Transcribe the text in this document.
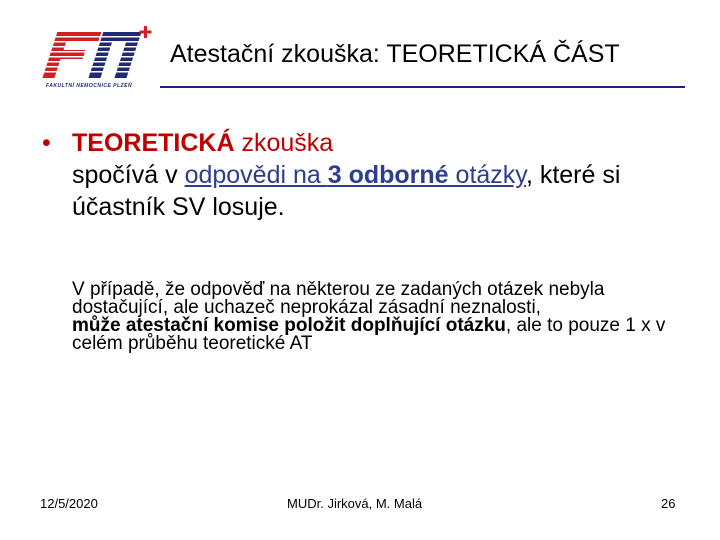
FAKULTNÍ NEMOCNICE PLZEŇ
Atestační zkouška: TEORETICKÁ ČÁST
• TEORETICKÁ zkouška
spočívá v odpovědi na 3 odborné otázky, které si účastník SV losuje.

V případě, že odpověď na některou ze zadaných otázek nebyla dostačující, ale uchazeč neprokázal zásadní neznalosti,
může atestační komise položit doplňující otázku, ale to pouze 1 x v celém průběhu teoretické AT

12/5/2020	MUDr. Jirková, M. Malá	26
